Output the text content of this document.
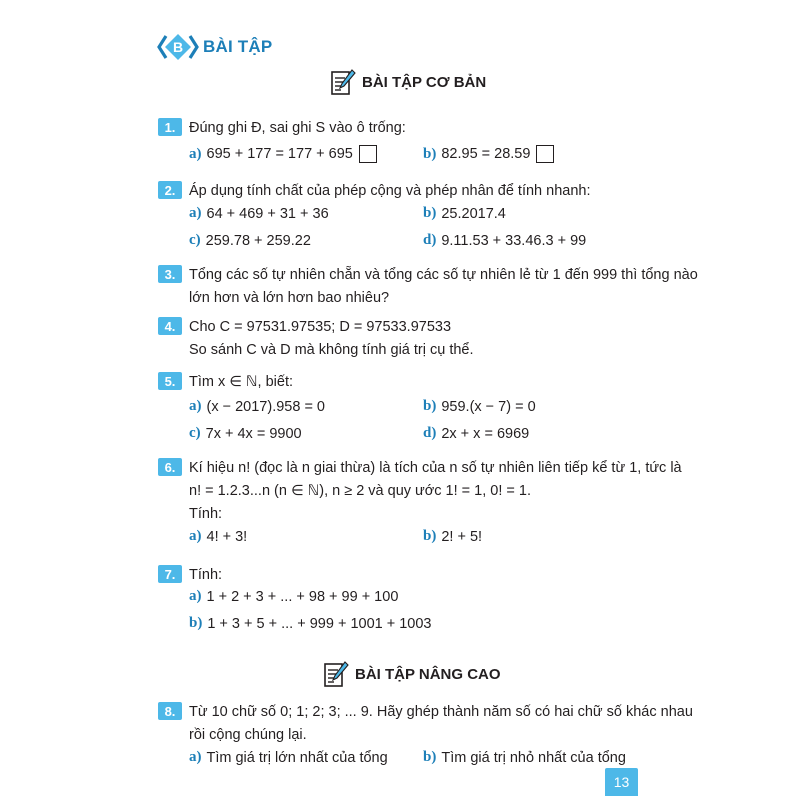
B BÀI TẬP
BÀI TẬP CƠ BẢN
1. Đúng ghi Đ, sai ghi S vào ô trống:
a) 695 + 177 = 177 + 695	b) 82.95 = 28.59
2. Áp dụng tính chất của phép cộng và phép nhân để tính nhanh:
a) 64 + 469 + 31 + 36	b) 25.2017.4
c) 259.78 + 259.22	d) 9.11.53 + 33.46.3 + 99
3. Tổng các số tự nhiên chẵn và tổng các số tự nhiên lẻ từ 1 đến 999 thì tổng nào
lớn hơn và lớn hơn bao nhiêu?
4. Cho C = 97531.97535; D = 97533.97533
So sánh C và D mà không tính giá trị cụ thể.
5. Tìm x ∈ ℕ, biết:
a) (x − 2017).958 = 0	b) 959.(x − 7) = 0
c) 7x + 4x = 9900	d) 2x + x = 6969
6. Kí hiệu n! (đọc là n giai thừa) là tích của n số tự nhiên liên tiếp kể từ 1, tức là
n! = 1.2.3...n (n ∈ ℕ), n ≥ 2 và quy ước 1! = 1, 0! = 1.
Tính:
a) 4! + 3!	b) 2! + 5!
7. Tính:
a) 1 + 2 + 3 + ... + 98 + 99 + 100
b) 1 + 3 + 5 + ... + 999 + 1001 + 1003
BÀI TẬP NÂNG CAO
8. Từ 10 chữ số 0; 1; 2; 3; ... 9. Hãy ghép thành năm số có hai chữ số khác nhau
rồi cộng chúng lại.
a) Tìm giá trị lớn nhất của tổng b) Tìm giá trị nhỏ nhất của tổng
13
